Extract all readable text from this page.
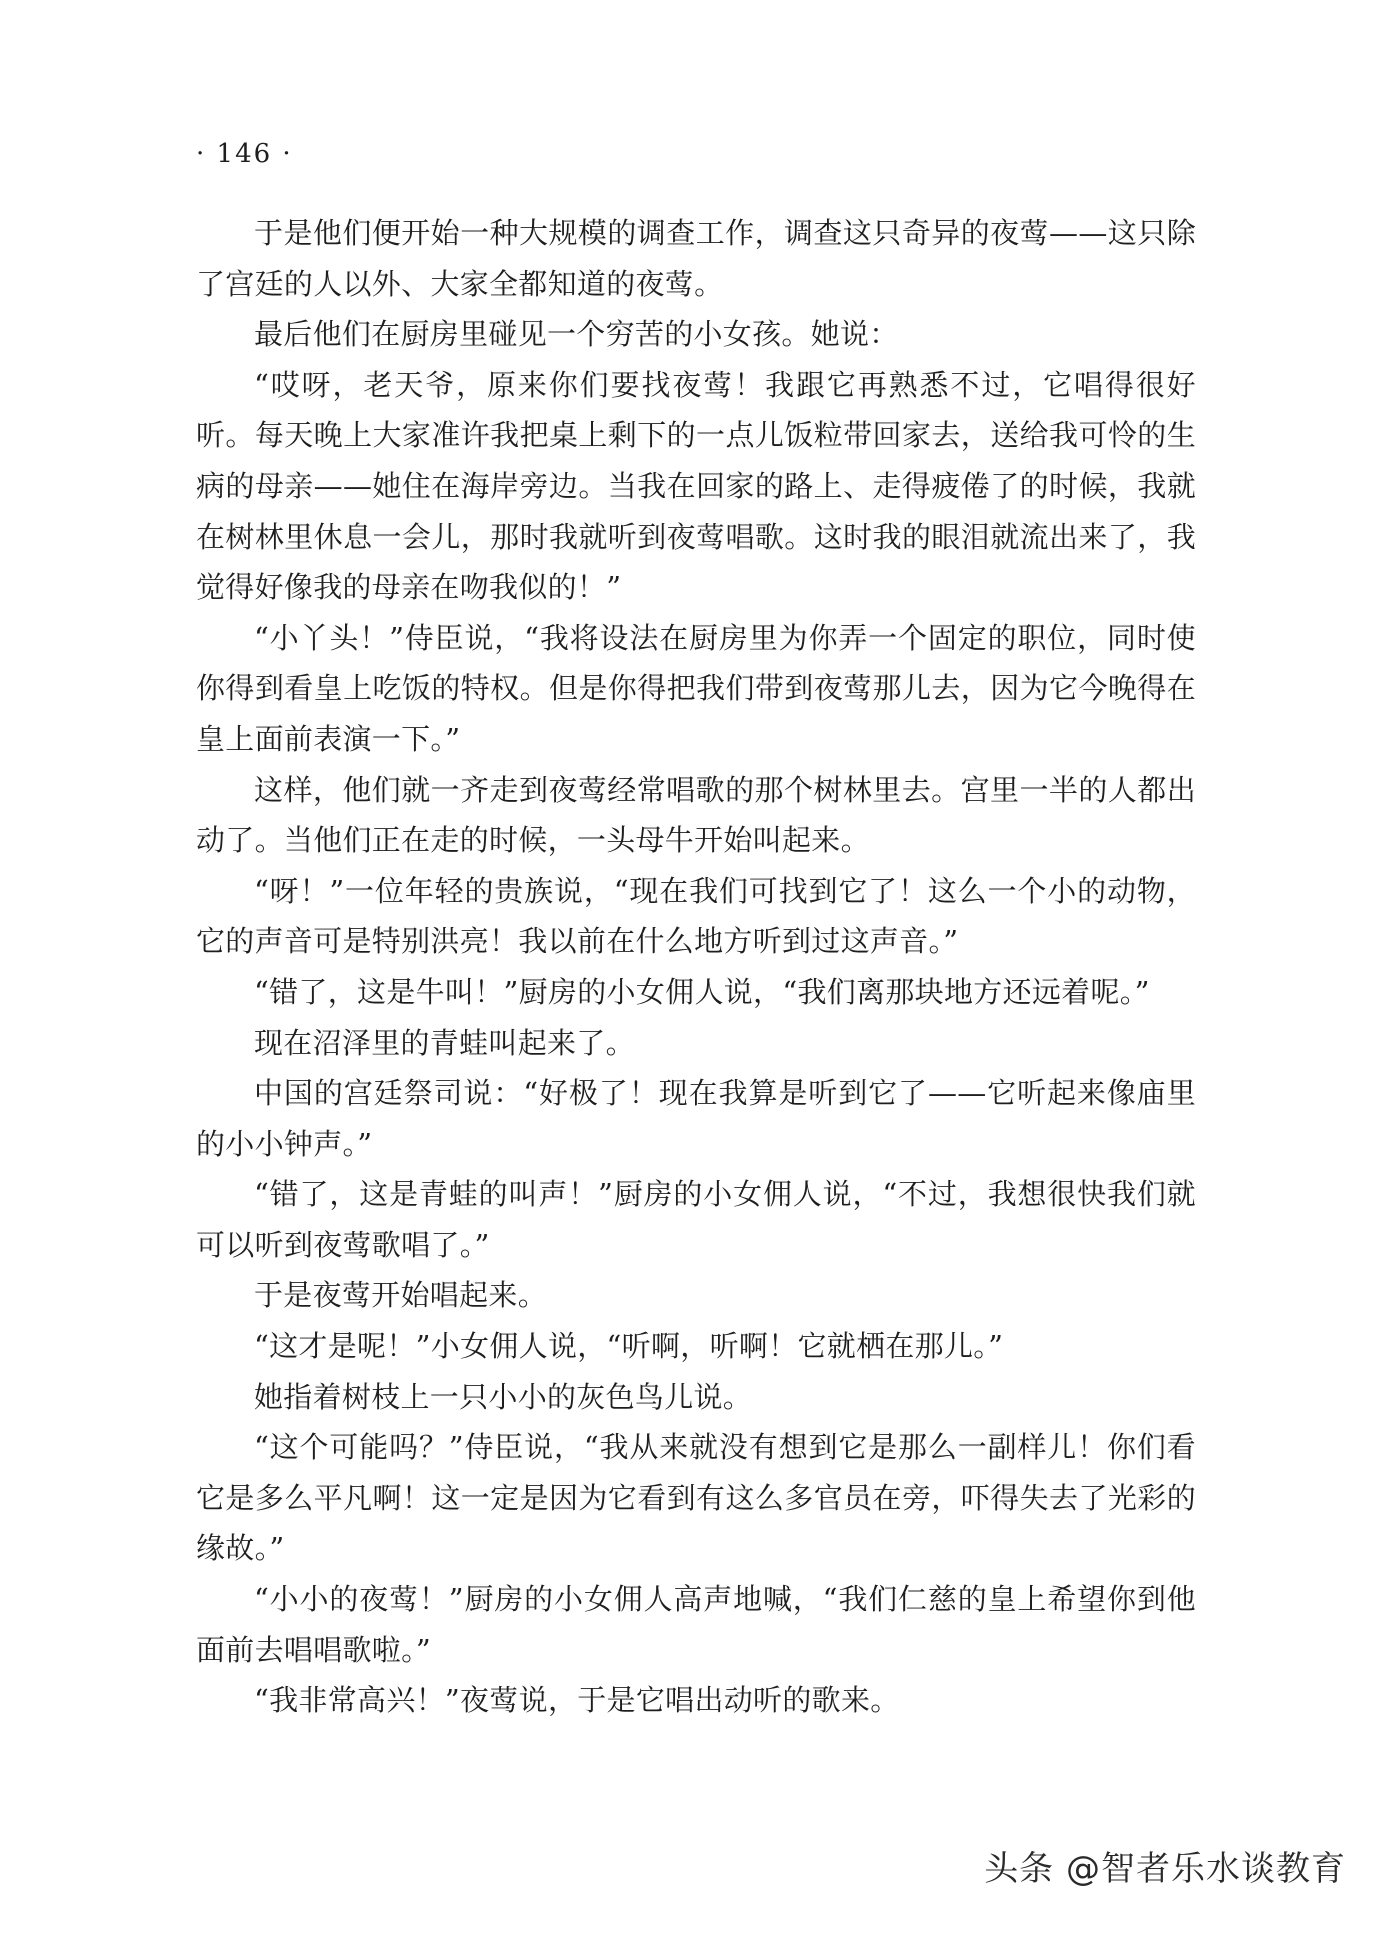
· 146 ·

于是他们便开始一种大规模的调查工作，调查这只奇异的夜莺——这只除了宫廷的人以外、大家全都知道的夜莺。

最后他们在厨房里碰见一个穷苦的小女孩。她说：

“哎呀，老天爷，原来你们要找夜莺！我跟它再熟悉不过，它唱得很好听。每天晚上大家准许我把桌上剩下的一点儿饭粒带回家去，送给我可怜的生病的母亲——她住在海岸旁边。当我在回家的路上、走得疲倦了的时候，我就在树林里休息一会儿，那时我就听到夜莺唱歌。这时我的眼泪就流出来了，我觉得好像我的母亲在吻我似的！”

“小丫头！”侍臣说，“我将设法在厨房里为你弄一个固定的职位，同时使你得到看皇上吃饭的特权。但是你得把我们带到夜莺那儿去，因为它今晚得在皇上面前表演一下。”

这样，他们就一齐走到夜莺经常唱歌的那个树林里去。宫里一半的人都出动了。当他们正在走的时候，一头母牛开始叫起来。

“呀！”一位年轻的贵族说，“现在我们可找到它了！这么一个小的动物，它的声音可是特别洪亮！我以前在什么地方听到过这声音。”

“错了，这是牛叫！”厨房的小女佣人说，“我们离那块地方还远着呢。”

现在沼泽里的青蛙叫起来了。

中国的宫廷祭司说：“好极了！现在我算是听到它了——它听起来像庙里的小小钟声。”

“错了，这是青蛙的叫声！”厨房的小女佣人说，“不过，我想很快我们就可以听到夜莺歌唱了。”

于是夜莺开始唱起来。

“这才是呢！”小女佣人说，“听啊，听啊！它就栖在那儿。”

她指着树枝上一只小小的灰色鸟儿说。

“这个可能吗？”侍臣说，“我从来就没有想到它是那么一副样儿！你们看它是多么平凡啊！这一定是因为它看到有这么多官员在旁，吓得失去了光彩的缘故。”

“小小的夜莺！”厨房的小女佣人高声地喊，“我们仁慈的皇上希望你到他面前去唱唱歌啦。”

“我非常高兴！”夜莺说，于是它唱出动听的歌来。

头条 @智者乐水谈教育
